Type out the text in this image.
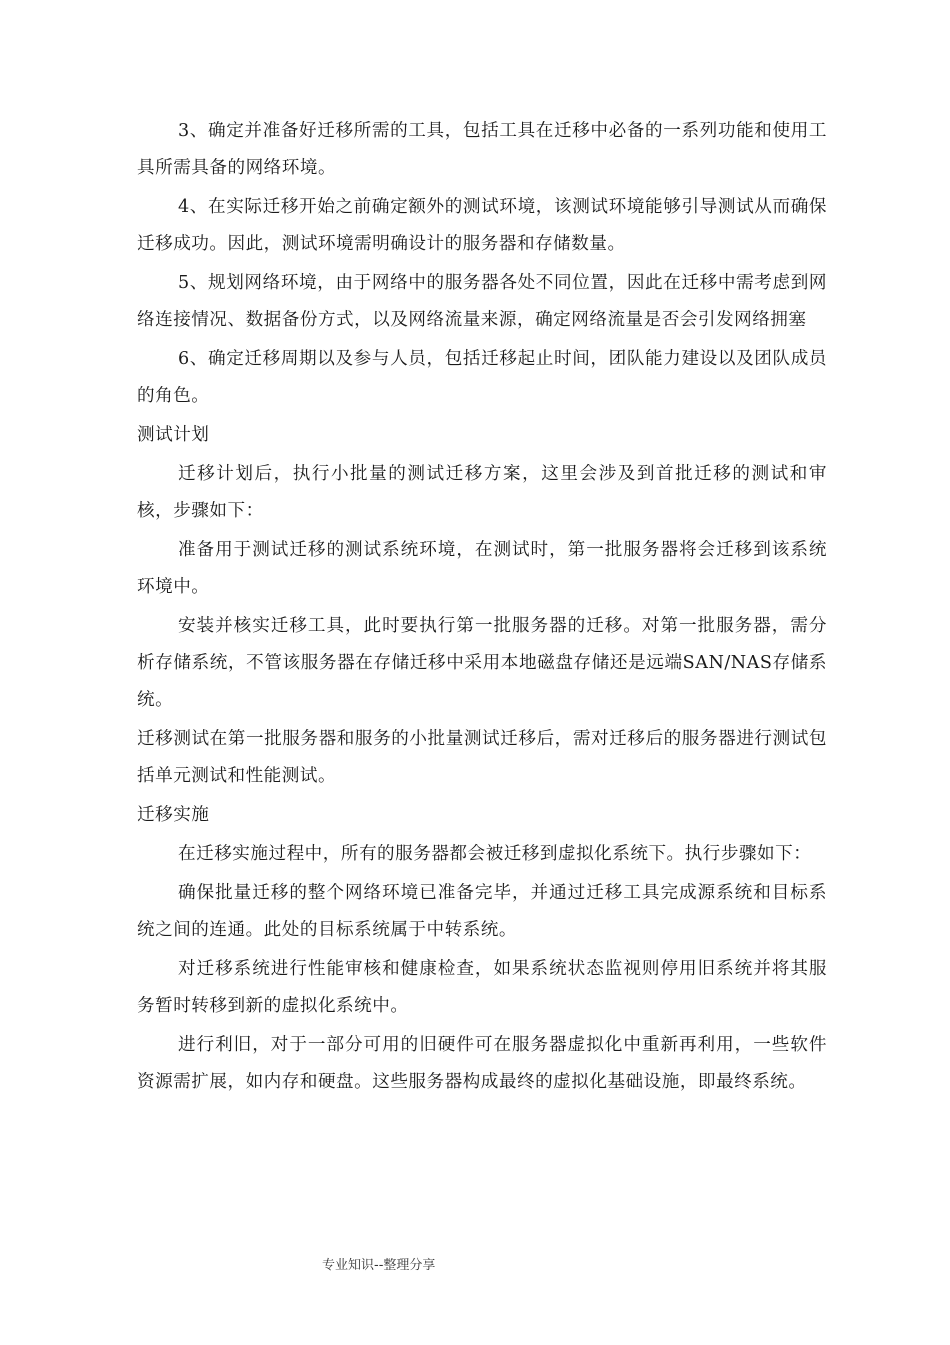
3、确定并准备好迁移所需的工具，包括工具在迁移中必备的一系列功能和使用工具所需具备的网络环境。

4、在实际迁移开始之前确定额外的测试环境，该测试环境能够引导测试从而确保迁移成功。因此，测试环境需明确设计的服务器和存储数量。

5、规划网络环境，由于网络中的服务器各处不同位置，因此在迁移中需考虑到网络连接情况、数据备份方式，以及网络流量来源，确定网络流量是否会引发网络拥塞

6、确定迁移周期以及参与人员，包括迁移起止时间，团队能力建设以及团队成员的角色。

测试计划

迁移计划后，执行小批量的测试迁移方案，这里会涉及到首批迁移的测试和审核，步骤如下：

准备用于测试迁移的测试系统环境，在测试时，第一批服务器将会迁移到该系统环境中。

安装并核实迁移工具，此时要执行第一批服务器的迁移。对第一批服务器，需分析存储系统，不管该服务器在存储迁移中采用本地磁盘存储还是远端SAN/NAS存储系统。

迁移测试在第一批服务器和服务的小批量测试迁移后，需对迁移后的服务器进行测试包括单元测试和性能测试。

迁移实施

在迁移实施过程中，所有的服务器都会被迁移到虚拟化系统下。执行步骤如下：

确保批量迁移的整个网络环境已准备完毕，并通过迁移工具完成源系统和目标系统之间的连通。此处的目标系统属于中转系统。

对迁移系统进行性能审核和健康检查，如果系统状态监视则停用旧系统并将其服务暂时转移到新的虚拟化系统中。

进行利旧，对于一部分可用的旧硬件可在服务器虚拟化中重新再利用，一些软件资源需扩展，如内存和硬盘。这些服务器构成最终的虚拟化基础设施，即最终系统。

专业知识--整理分享
